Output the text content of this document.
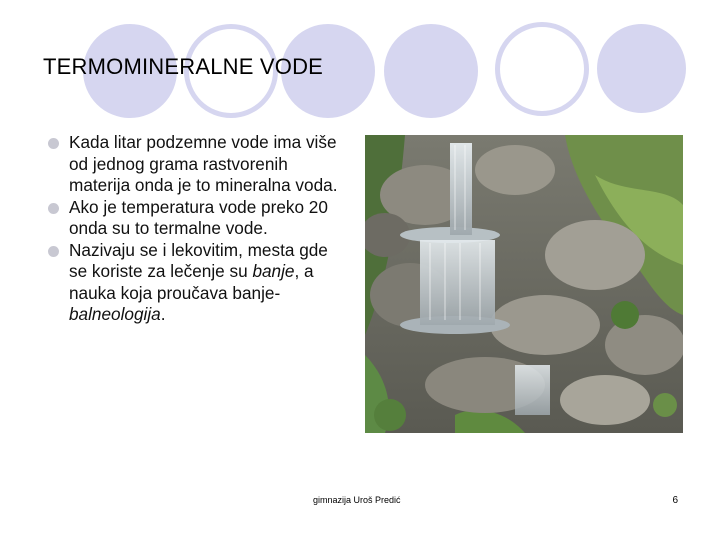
TERMOMINERALNE VODE
Kada litar podzemne vode ima više od jednog grama rastvorenih materija onda je to mineralna voda.
Ako je temperatura vode preko 20 onda su to termalne vode.
Nazivaju se i lekovitim, mesta gde se koriste za lečenje su banje, a nauka koja proučava banje-balneologija.
gimnazija Uroš Predić	6
